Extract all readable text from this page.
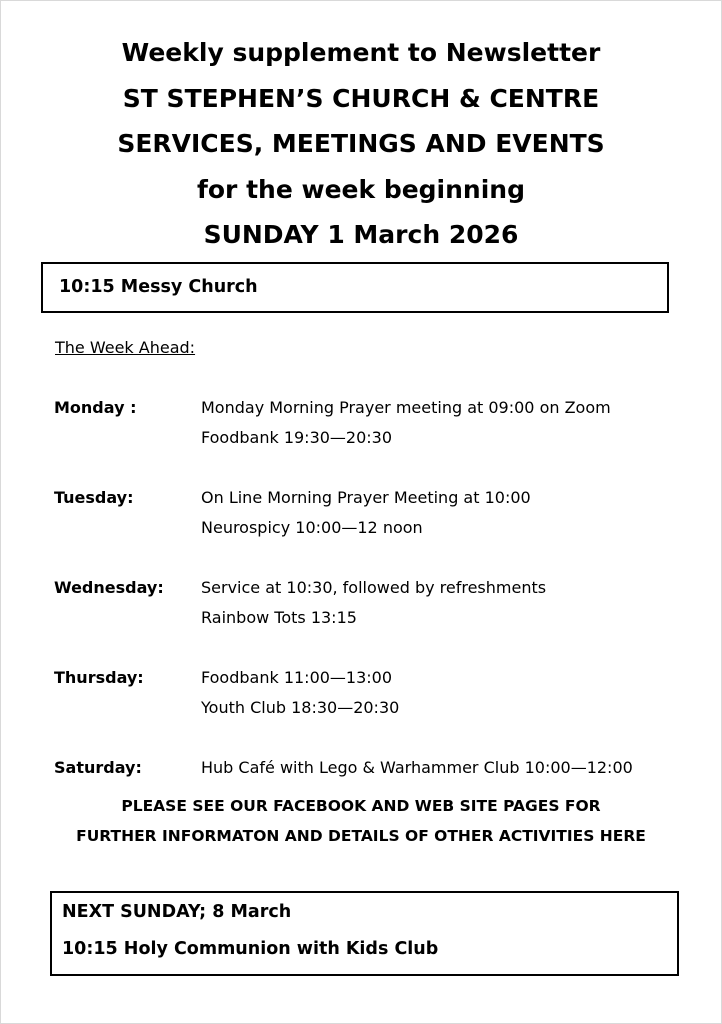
Weekly supplement to Newsletter
ST STEPHEN’S CHURCH & CENTRE
SERVICES, MEETINGS AND EVENTS
for the week beginning
SUNDAY 1 March 2026
10:15 Messy Church
The Week Ahead:
Monday :	Monday Morning Prayer meeting at 09:00 on Zoom
Foodbank 19:30—20:30
Tuesday:	On Line Morning Prayer Meeting at 10:00
Neurospicy 10:00—12 noon
Wednesday: Service at 10:30, followed by refreshments
Rainbow Tots 13:15
Thursday:	Foodbank 11:00—13:00
Youth Club 18:30—20:30
Saturday:	Hub Café with Lego & Warhammer Club 10:00—12:00
PLEASE SEE OUR FACEBOOK AND WEB SITE PAGES FOR
FURTHER INFORMATON AND DETAILS OF OTHER ACTIVITIES HERE
NEXT SUNDAY; 8 March
10:15 Holy Communion with Kids Club
